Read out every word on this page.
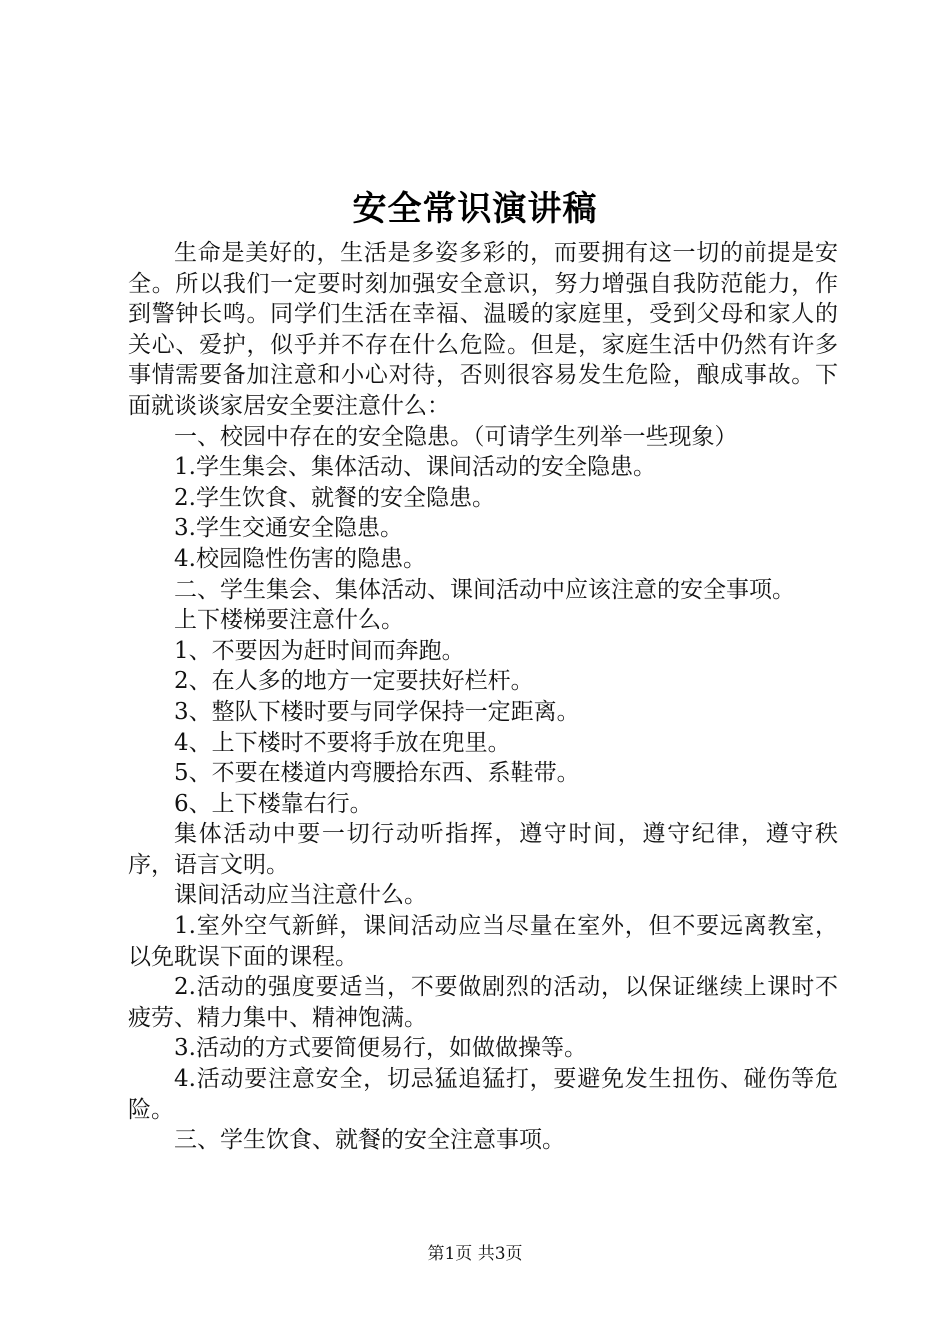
安全常识演讲稿

生命是美好的，生活是多姿多彩的，而要拥有这一切的前提是安全。所以我们一定要时刻加强安全意识，努力增强自我防范能力，作到警钟长鸣。同学们生活在幸福、温暖的家庭里，受到父母和家人的关心、爱护，似乎并不存在什么危险。但是，家庭生活中仍然有许多事情需要备加注意和小心对待，否则很容易发生危险，酿成事故。下面就谈谈家居安全要注意什么：

一、校园中存在的安全隐患。（可请学生列举一些现象）

1.学生集会、集体活动、课间活动的安全隐患。

2.学生饮食、就餐的安全隐患。

3.学生交通安全隐患。

4.校园隐性伤害的隐患。

二、学生集会、集体活动、课间活动中应该注意的安全事项。

上下楼梯要注意什么。

1、不要因为赶时间而奔跑。

2、在人多的地方一定要扶好栏杆。

3、整队下楼时要与同学保持一定距离。

4、上下楼时不要将手放在兜里。

5、不要在楼道内弯腰拾东西、系鞋带。

6、上下楼靠右行。

集体活动中要一切行动听指挥，遵守时间，遵守纪律，遵守秩序，语言文明。

课间活动应当注意什么。

1.室外空气新鲜，课间活动应当尽量在室外，但不要远离教室，以免耽误下面的课程。

2.活动的强度要适当，不要做剧烈的活动，以保证继续上课时不疲劳、精力集中、精神饱满。

3.活动的方式要简便易行，如做做操等。

4.活动要注意安全，切忌猛追猛打，要避免发生扭伤、碰伤等危险。

三、学生饮食、就餐的安全注意事项。

第1页 共3页
